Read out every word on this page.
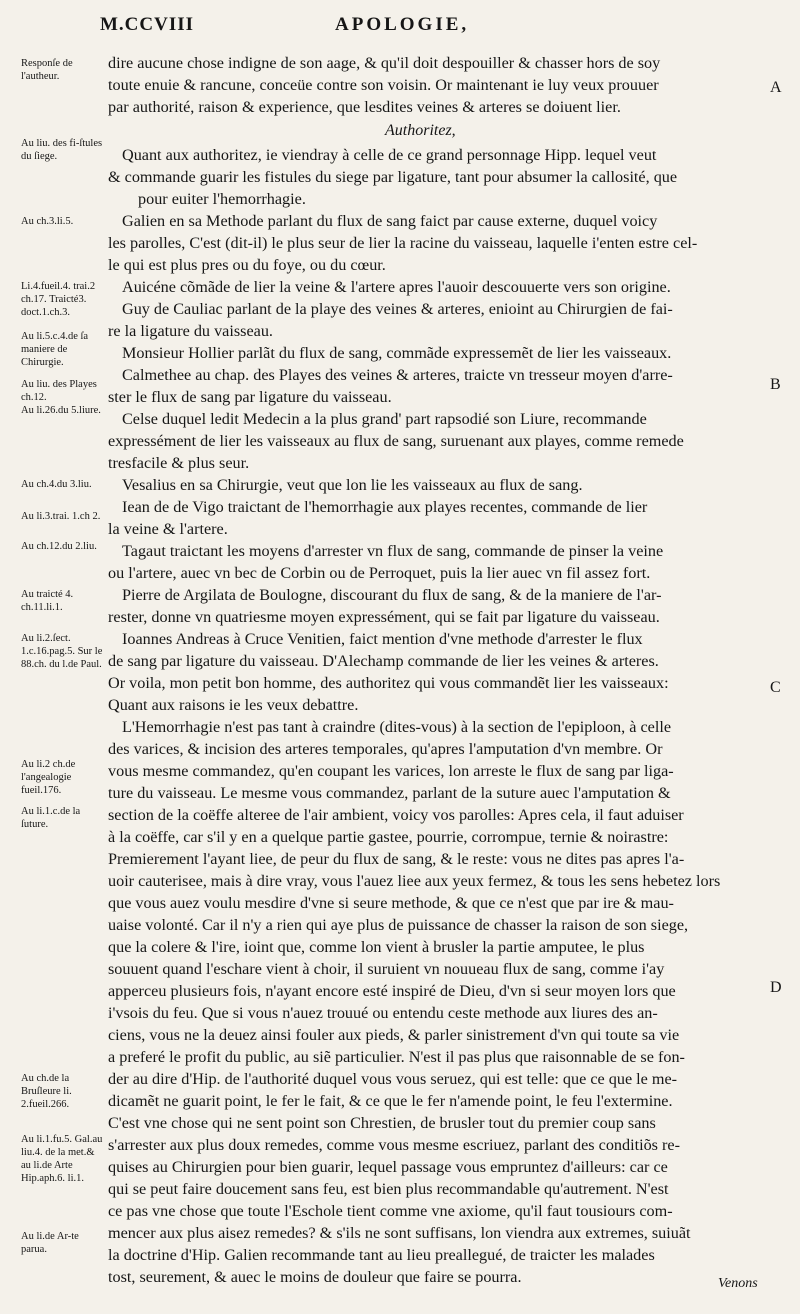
M.CCVIII	APOLOGIE,
Authoritez,
dire aucune chose indigne de son aage, & qu'il doit despouiller & chasser hors de soy
toute enuie & rancune, conceüe contre son voisin. Or maintenant ie luy veux prouuer
par authorité, raison & experience, que lesdites veines & arteres se doiuent lier.
Quant aux authoritez, ie viendray à celle de ce grand personnage Hipp. lequel veut
& commande guarir les fistules du siege par ligature, tant pour absumer la callosité, que
pour euiter l'hemorrhagie.
Galien en sa Methode parlant du flux de sang faict par cause externe, duquel voicy
les parolles, C'est (dit-il) le plus seur de lier la racine du vaisseau, laquelle i'enten estre cel-
le qui est plus pres ou du foye, ou du cœur.
Auicéne cõmãde de lier la veine & l'artere apres l'auoir descouuerte vers son origine.
Guy de Cauliac parlant de la playe des veines & arteres, enioint au Chirurgien de fai-
re la ligature du vaisseau.
Monsieur Hollier parlãt du flux de sang, commãde expressemẽt de lier les vaisseaux.
Calmethee au chap. des Playes des veines & arteres, traicte vn tresseur moyen d'arre-
ster le flux de sang par ligature du vaisseau.
Celse duquel ledit Medecin a la plus grand' part rapsodié son Liure, recommande
expressément de lier les vaisseaux au flux de sang, suruenant aux playes, comme remede
tresfacile & plus seur.
Vesalius en sa Chirurgie, veut que lon lie les vaisseaux au flux de sang.
Iean de de Vigo traictant de l'hemorrhagie aux playes recentes, commande de lier
la veine & l'artere.
Tagaut traictant les moyens d'arrester vn flux de sang, commande de pinser la veine
ou l'artere, auec vn bec de Corbin ou de Perroquet, puis la lier auec vn fil assez fort.
Pierre de Argilata de Boulogne, discourant du flux de sang, & de la maniere de l'ar-
rester, donne vn quatriesme moyen expressément, qui se fait par ligature du vaisseau.
Ioannes Andreas à Cruce Venitien, faict mention d'vne methode d'arrester le flux
de sang par ligature du vaisseau. D'Alechamp commande de lier les veines & arteres.
Or voila, mon petit bon homme, des authoritez qui vous commandẽt lier les vaisseaux:
Quant aux raisons ie les veux debattre.
L'Hemorrhagie n'est pas tant à craindre (dites-vous) à la section de l'epiploon, à celle
des varices, & incision des arteres temporales, qu'apres l'amputation d'vn membre. Or
vous mesme commandez, qu'en coupant les varices, lon arreste le flux de sang par liga-
ture du vaisseau. Le mesme vous commandez, parlant de la suture auec l'amputation &
section de la coëffe alteree de l'air ambient, voicy vos parolles: Apres cela, il faut aduiser
à la coëffe, car s'il y en a quelque partie gastee, pourrie, corrompue, ternie & noirastre:
Premierement l'ayant liee, de peur du flux de sang, & le reste: vous ne dites pas apres l'a-
uoir cauterisee, mais à dire vray, vous l'auez liee aux yeux fermez, & tous les sens hebetez lors
que vous auez voulu mesdire d'vne si seure methode, & que ce n'est que par ire & mau-
uaise volonté. Car il n'y a rien qui aye plus de puissance de chasser la raison de son siege,
que la colere & l'ire, ioint que, comme lon vient à brusler la partie amputee, le plus
souuent quand l'eschare vient à choir, il suruient vn nouueau flux de sang, comme i'ay
apperceu plusieurs fois, n'ayant encore esté inspiré de Dieu, d'vn si seur moyen lors que
i'vsois du feu. Que si vous n'auez trouué ou entendu ceste methode aux liures des an-
ciens, vous ne la deuez ainsi fouler aux pieds, & parler sinistrement d'vn qui toute sa vie
a preferé le profit du public, au siẽ particulier. N'est il pas plus que raisonnable de se fon-
der au dire d'Hip. de l'authorité duquel vous vous seruez, qui est telle: que ce que le me-
dicamẽt ne guarit point, le fer le fait, & ce que le fer n'amende point, le feu l'extermine.
C'est vne chose qui ne sent point son Chrestien, de brusler tout du premier coup sans
s'arrester aux plus doux remedes, comme vous mesme escriuez, parlant des conditiõs re-
quises au Chirurgien pour bien guarir, lequel passage vous empruntez d'ailleurs: car ce
qui se peut faire doucement sans feu, est bien plus recommandable qu'autrement. N'est
ce pas vne chose que toute l'Eschole tient comme vne axiome, qu'il faut tousiours com-
mencer aux plus aisez remedes? & s'ils ne sont suffisans, lon viendra aux extremes, suiuãt
la doctrine d'Hip. Galien recommande tant au lieu preallegué, de traicter les malades
tost, seurement, & auec le moins de douleur que faire se pourra.
Responſe de l'autheur.
Au liu. des fi-ſtules du ſiege.
Au ch.3.li.5.
Li.4.fueil.4. trai.2 ch.17. Traicté3. doct.1.ch.3.
Au li.5.c.4.de ſa maniere de Chirurgie.
Au liu. des Playes ch.12.
Au li.26.du 5.liure.
Au ch.4.du 3.liu.
Au li.3.trai. 1.ch 2.
Au ch.12.du 2.liu.
Au traicté 4. ch.11.li.1.
Au li.2.ſect. 1.c.16.pag.5. Sur le 88.ch. du l.de Paul.
Au li.2 ch.de l'angealogie fueil.176.
Au li.1.c.de la ſuture.
Au ch.de la Bruſleure li. 2.fueil.266.
Au li.1.fu.5. Gal.au liu.4. de la met.& au li.de Arte Hip.aph.6. li.1.
Au li.de Ar-te parua.
A
B
C
D
Venons
